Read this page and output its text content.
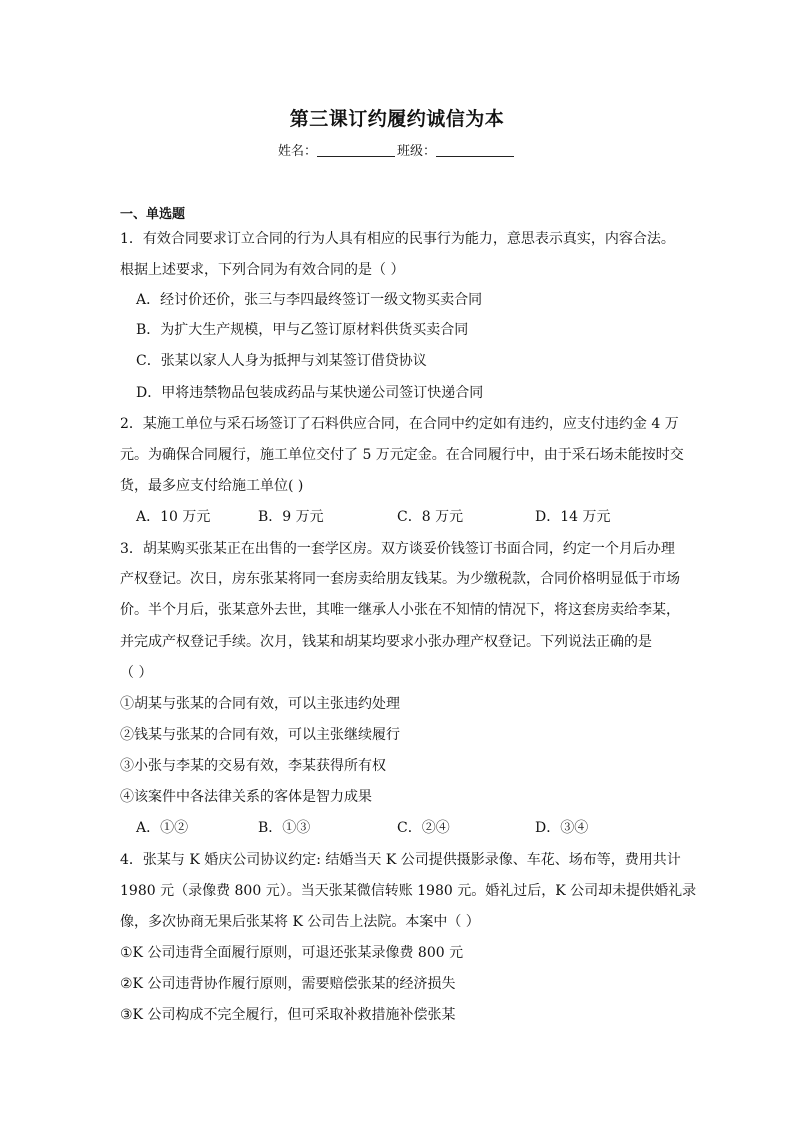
第三课订约履约诚信为本
姓名：	班级：
一、单选题
1．有效合同要求订立合同的行为人具有相应的民事行为能力，意思表示真实，内容合法。
根据上述要求，下列合同为有效合同的是（ ）
A．经讨价还价，张三与李四最终签订一级文物买卖合同
B．为扩大生产规模，甲与乙签订原材料供货买卖合同
C．张某以家人人身为抵押与刘某签订借贷协议
D．甲将违禁物品包装成药品与某快递公司签订快递合同
2．某施工单位与采石场签订了石料供应合同，在合同中约定如有违约，应支付违约金 4 万
元。为确保合同履行，施工单位交付了 5 万元定金。在合同履行中，由于采石场未能按时交
货，最多应支付给施工单位( )
A．10 万元	B．9 万元	C．8 万元	D．14 万元
3．胡某购买张某正在出售的一套学区房。双方谈妥价钱签订书面合同，约定一个月后办理
产权登记。次日，房东张某将同一套房卖给朋友钱某。为少缴税款，合同价格明显低于市场
价。半个月后，张某意外去世，其唯一继承人小张在不知情的情况下，将这套房卖给李某，
并完成产权登记手续。次月，钱某和胡某均要求小张办理产权登记。下列说法正确的是
（ ）
①胡某与张某的合同有效，可以主张违约处理
②钱某与张某的合同有效，可以主张继续履行
③小张与李某的交易有效，李某获得所有权
④该案件中各法律关系的客体是智力成果
A．①②	B．①③	C．②④	D．③④
4．张某与 K 婚庆公司协议约定: 结婚当天 K 公司提供摄影录像、车花、场布等，费用共计
1980 元（录像费 800 元）。当天张某微信转账 1980 元。婚礼过后，K 公司却未提供婚礼录
像，多次协商无果后张某将 K 公司告上法院。本案中（ ）
①K 公司违背全面履行原则，可退还张某录像费 800 元
②K 公司违背协作履行原则，需要赔偿张某的经济损失
③K 公司构成不完全履行，但可采取补救措施补偿张某
